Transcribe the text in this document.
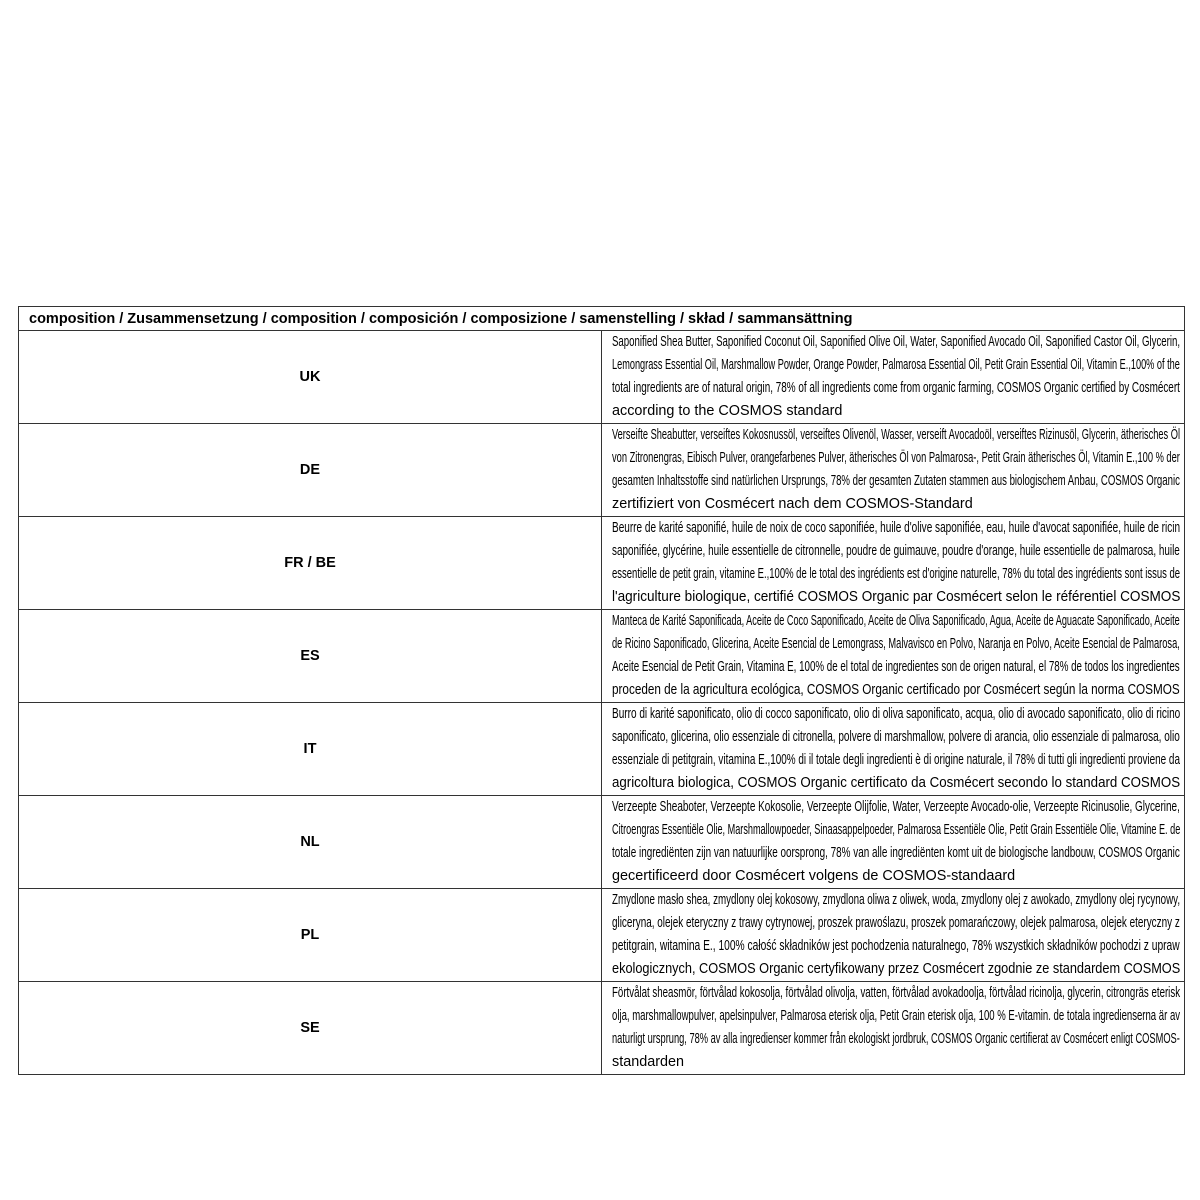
composition / Zusammensetzung / composition / composición / composizione / samenstelling / skład / sammansättning	
UK	Saponified Shea Butter, Saponified Coconut Oil, Saponified Olive Oil, Water, Saponified Avocado Oil, Saponified Castor Oil, Glycerin,
Lemongrass Essential Oil, Marshmallow Powder, Orange Powder, Palmarosa Essential Oil, Petit Grain Essential Oil, Vitamin E.,100% of the
total ingredients are of natural origin, 78% of all ingredients come from organic farming, COSMOS Organic certified by Cosmécert
according to the COSMOS standard

DE	Verseifte Sheabutter, verseiftes Kokosnussöl, verseiftes Olivenöl, Wasser, verseift Avocadoöl, verseiftes Rizinusöl, Glycerin, ätherisches Öl
von Zitronengras, Eibisch Pulver, orangefarbenes Pulver, ätherisches Öl von Palmarosa-, Petit Grain ätherisches Öl, Vitamin E.,100 % der
gesamten Inhaltsstoffe sind natürlichen Ursprungs, 78% der gesamten Zutaten stammen aus biologischem Anbau, COSMOS Organic
zertifiziert von Cosmécert nach dem COSMOS-Standard

FR / BE	Beurre de karité saponifié, huile de noix de coco saponifiée, huile d'olive saponifiée, eau, huile d'avocat saponifiée, huile de ricin
saponifiée, glycérine, huile essentielle de citronnelle, poudre de guimauve, poudre d'orange, huile essentielle de palmarosa, huile
essentielle de petit grain, vitamine E.,100% de le total des ingrédients est d'origine naturelle, 78% du total des ingrédients sont issus de
l'agriculture biologique, certifié COSMOS Organic par Cosmécert selon le référentiel COSMOS

ES	Manteca de Karité Saponificada, Aceite de Coco Saponificado, Aceite de Oliva Saponificado, Agua, Aceite de Aguacate Saponificado, Aceite
de Ricino Saponificado, Glicerina, Aceite Esencial de Lemongrass, Malvavisco en Polvo, Naranja en Polvo, Aceite Esencial de Palmarosa,
Aceite Esencial de Petit Grain, Vitamina E, 100% de el total de ingredientes son de origen natural, el 78% de todos los ingredientes
proceden de la agricultura ecológica, COSMOS Organic certificado por Cosmécert según la norma COSMOS

IT	Burro di karité saponificato, olio di cocco saponificato, olio di oliva saponificato, acqua, olio di avocado saponificato, olio di ricino
saponificato, glicerina, olio essenziale di citronella, polvere di marshmallow, polvere di arancia, olio essenziale di palmarosa, olio
essenziale di petitgrain, vitamina E.,100% di il totale degli ingredienti è di origine naturale, il 78% di tutti gli ingredienti proviene da
agricoltura biologica, COSMOS Organic certificato da Cosmécert secondo lo standard COSMOS

NL	Verzeepte Sheaboter, Verzeepte Kokosolie, Verzeepte Olijfolie, Water, Verzeepte Avocado-olie, Verzeepte Ricinusolie, Glycerine,
Citroengras Essentiële Olie, Marshmallowpoeder, Sinaasappelpoeder, Palmarosa Essentiële Olie, Petit Grain Essentiële Olie, Vitamine E. de
totale ingrediënten zijn van natuurlijke oorsprong, 78% van alle ingrediënten komt uit de biologische landbouw, COSMOS Organic
gecertificeerd door Cosmécert volgens de COSMOS-standaard

PL	Zmydlone masło shea, zmydlony olej kokosowy, zmydlona oliwa z oliwek, woda, zmydlony olej z awokado, zmydlony olej rycynowy,
gliceryna, olejek eteryczny z trawy cytrynowej, proszek prawoślazu, proszek pomarańczowy, olejek palmarosa, olejek eteryczny z
petitgrain, witamina E., 100% całość składników jest pochodzenia naturalnego, 78% wszystkich składników pochodzi z upraw
ekologicznych, COSMOS Organic certyfikowany przez Cosmécert zgodnie ze standardem COSMOS

SE	Förtvålat sheasmör, förtvålad kokosolja, förtvålad olivolja, vatten, förtvålad avokadoolja, förtvålad ricinolja, glycerin, citrongräs eterisk
olja, marshmallowpulver, apelsinpulver, Palmarosa eterisk olja, Petit Grain eterisk olja, 100 % E-vitamin. de totala ingredienserna är av
naturligt ursprung, 78% av alla ingredienser kommer från ekologiskt jordbruk, COSMOS Organic certifierat av Cosmécert enligt COSMOS-
standarden
